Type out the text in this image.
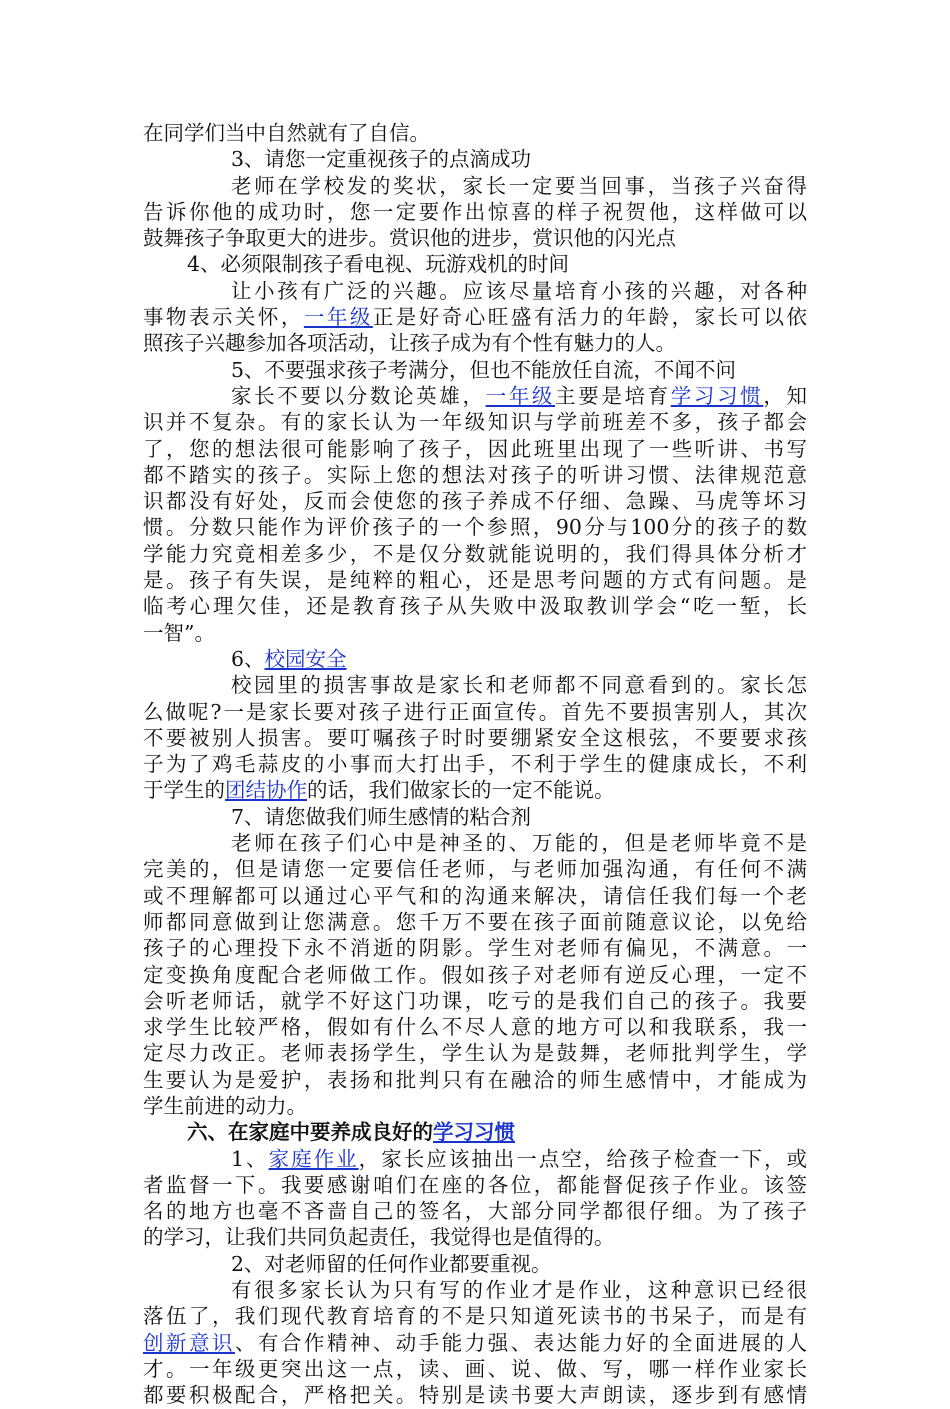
在同学们当中自然就有了自信。
3、请您一定重视孩子的点滴成功
老师在学校发的奖状，家长一定要当回事，当孩子兴奋得
告诉你他的成功时，您一定要作出惊喜的样子祝贺他，这样做可以
鼓舞孩子争取更大的进步。赏识他的进步，赏识他的闪光点
4、必须限制孩子看电视、玩游戏机的时间
让小孩有广泛的兴趣。应该尽量培育小孩的兴趣，对各种
事物表示关怀，一年级正是好奇心旺盛有活力的年龄，家长可以依
照孩子兴趣参加各项活动，让孩子成为有个性有魅力的人。
5、不要强求孩子考满分，但也不能放任自流，不闻不问
家长不要以分数论英雄，一年级主要是培育学习习惯，知
识并不复杂。有的家长认为一年级知识与学前班差不多，孩子都会
了，您的想法很可能影响了孩子，因此班里出现了一些听讲、书写
都不踏实的孩子。实际上您的想法对孩子的听讲习惯、法律规范意
识都没有好处，反而会使您的孩子养成不仔细、急躁、马虎等坏习
惯。分数只能作为评价孩子的一个参照，90分与100分的孩子的数
学能力究竟相差多少，不是仅分数就能说明的，我们得具体分析才
是。孩子有失误，是纯粹的粗心，还是思考问题的方式有问题。是
临考心理欠佳，还是教育孩子从失败中汲取教训学会“吃一堑，长
一智”。
6、校园安全
校园里的损害事故是家长和老师都不同意看到的。家长怎
么做呢?一是家长要对孩子进行正面宣传。首先不要损害别人，其次
不要被别人损害。要叮嘱孩子时时要绷紧安全这根弦，不要要求孩
子为了鸡毛蒜皮的小事而大打出手，不利于学生的健康成长，不利
于学生的团结协作的话，我们做家长的一定不能说。
7、请您做我们师生感情的粘合剂
老师在孩子们心中是神圣的、万能的，但是老师毕竟不是
完美的，但是请您一定要信任老师，与老师加强沟通，有任何不满
或不理解都可以通过心平气和的沟通来解决，请信任我们每一个老
师都同意做到让您满意。您千万不要在孩子面前随意议论，以免给
孩子的心理投下永不消逝的阴影。学生对老师有偏见，不满意。一
定变换角度配合老师做工作。假如孩子对老师有逆反心理，一定不
会听老师话，就学不好这门功课，吃亏的是我们自己的孩子。我要
求学生比较严格，假如有什么不尽人意的地方可以和我联系，我一
定尽力改正。老师表扬学生，学生认为是鼓舞，老师批判学生，学
生要认为是爱护，表扬和批判只有在融洽的师生感情中，才能成为
学生前进的动力。
六、在家庭中要养成良好的学习习惯
1、家庭作业，家长应该抽出一点空，给孩子检查一下，或
者监督一下。我要感谢咱们在座的各位，都能督促孩子作业。该签
名的地方也毫不吝啬自己的签名，大部分同学都很仔细。为了孩子
的学习，让我们共同负起责任，我觉得也是值得的。
2、对老师留的任何作业都要重视。
有很多家长认为只有写的作业才是作业，这种意识已经很
落伍了，我们现代教育培育的不是只知道死读书的书呆子，而是有
创新意识、有合作精神、动手能力强、表达能力好的全面进展的人
才。一年级更突出这一点，读、画、说、做、写，哪一样作业家长
都要积极配合，严格把关。特别是读书要大声朗读，逐步到有感情
